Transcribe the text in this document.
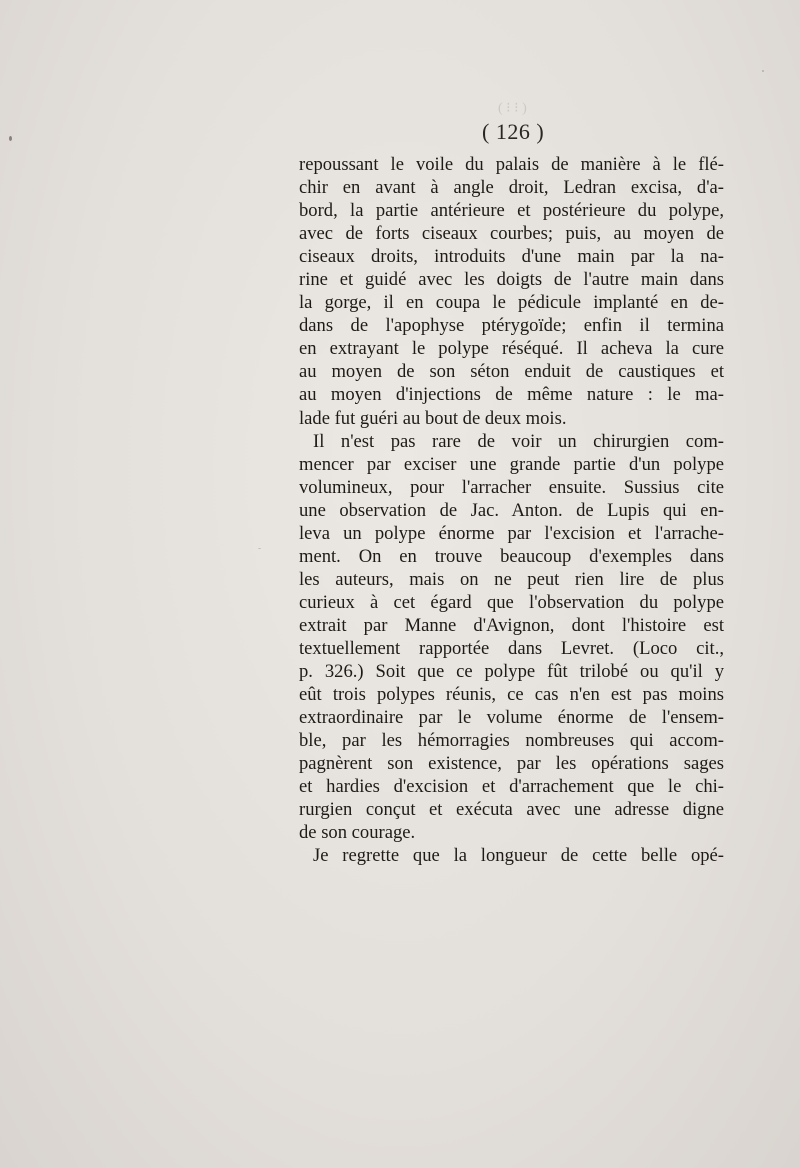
( ⁝ ⁝ )
( 126 )
repoussant le voile du palais de manière à le flé-
chir en avant à angle droit, Ledran excisa, d'a-
bord, la partie antérieure et postérieure du polype,
avec de forts ciseaux courbes; puis, au moyen de
ciseaux droits, introduits d'une main par la na-
rine et guidé avec les doigts de l'autre main dans
la gorge, il en coupa le pédicule implanté en de-
dans de l'apophyse ptérygoïde; enfin il termina
en extrayant le polype réséqué. Il acheva la cure
au moyen de son séton enduit de caustiques et
au moyen d'injections de même nature : le ma-
lade fut guéri au bout de deux mois.
Il n'est pas rare de voir un chirurgien com-
mencer par exciser une grande partie d'un polype
volumineux, pour l'arracher ensuite. Sussius cite
une observation de Jac. Anton. de Lupis qui en-
leva un polype énorme par l'excision et l'arrache-
ment. On en trouve beaucoup d'exemples dans
les auteurs, mais on ne peut rien lire de plus
curieux à cet égard que l'observation du polype
extrait par Manne d'Avignon, dont l'histoire est
textuellement rapportée dans Levret. (Loco cit.,
p. 326.) Soit que ce polype fût trilobé ou qu'il y
eût trois polypes réunis, ce cas n'en est pas moins
extraordinaire par le volume énorme de l'ensem-
ble, par les hémorragies nombreuses qui accom-
pagnèrent son existence, par les opérations sages
et hardies d'excision et d'arrachement que le chi-
rurgien conçut et exécuta avec une adresse digne
de son courage.
Je regrette que la longueur de cette belle opé-
